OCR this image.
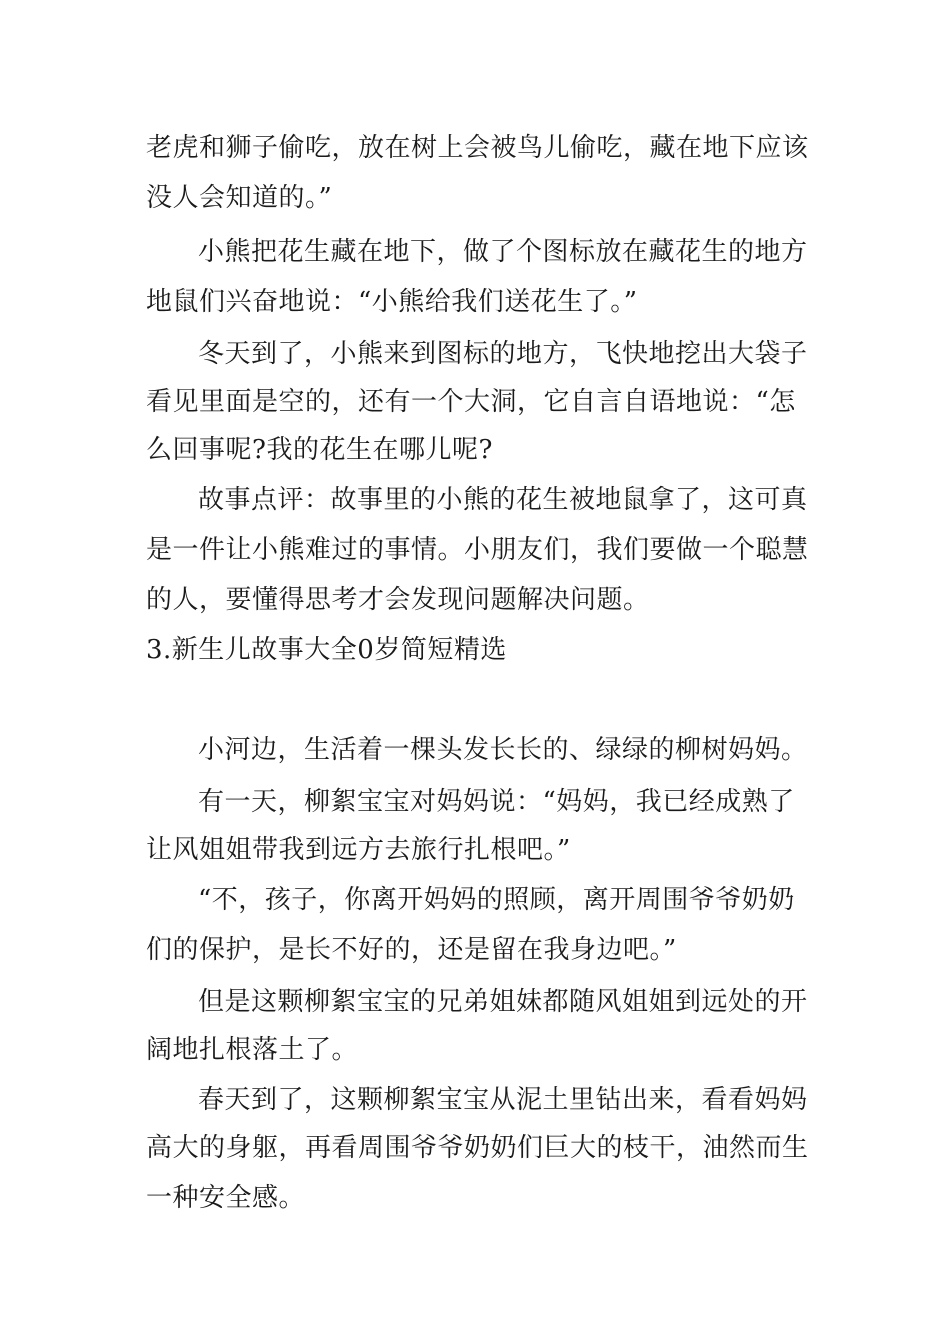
老虎和狮子偷吃，放在树上会被鸟儿偷吃，藏在地下应该

没人会知道的。”

小熊把花生藏在地下，做了个图标放在藏花生的地方

地鼠们兴奋地说：“小熊给我们送花生了。”

冬天到了，小熊来到图标的地方，飞快地挖出大袋子

看见里面是空的，还有一个大洞，它自言自语地说：“怎

么回事呢?我的花生在哪儿呢?

故事点评：故事里的小熊的花生被地鼠拿了，这可真

是一件让小熊难过的事情。小朋友们，我们要做一个聪慧

的人，要懂得思考才会发现问题解决问题。

3.新生儿故事大全0岁简短精选

小河边，生活着一棵头发长长的、绿绿的柳树妈妈。

有一天，柳絮宝宝对妈妈说：“妈妈，我已经成熟了

让风姐姐带我到远方去旅行扎根吧。”

“不，孩子，你离开妈妈的照顾，离开周围爷爷奶奶

们的保护，是长不好的，还是留在我身边吧。”

但是这颗柳絮宝宝的兄弟姐妹都随风姐姐到远处的开

阔地扎根落土了。

春天到了，这颗柳絮宝宝从泥土里钻出来，看看妈妈

高大的身躯，再看周围爷爷奶奶们巨大的枝干，油然而生

一种安全感。
